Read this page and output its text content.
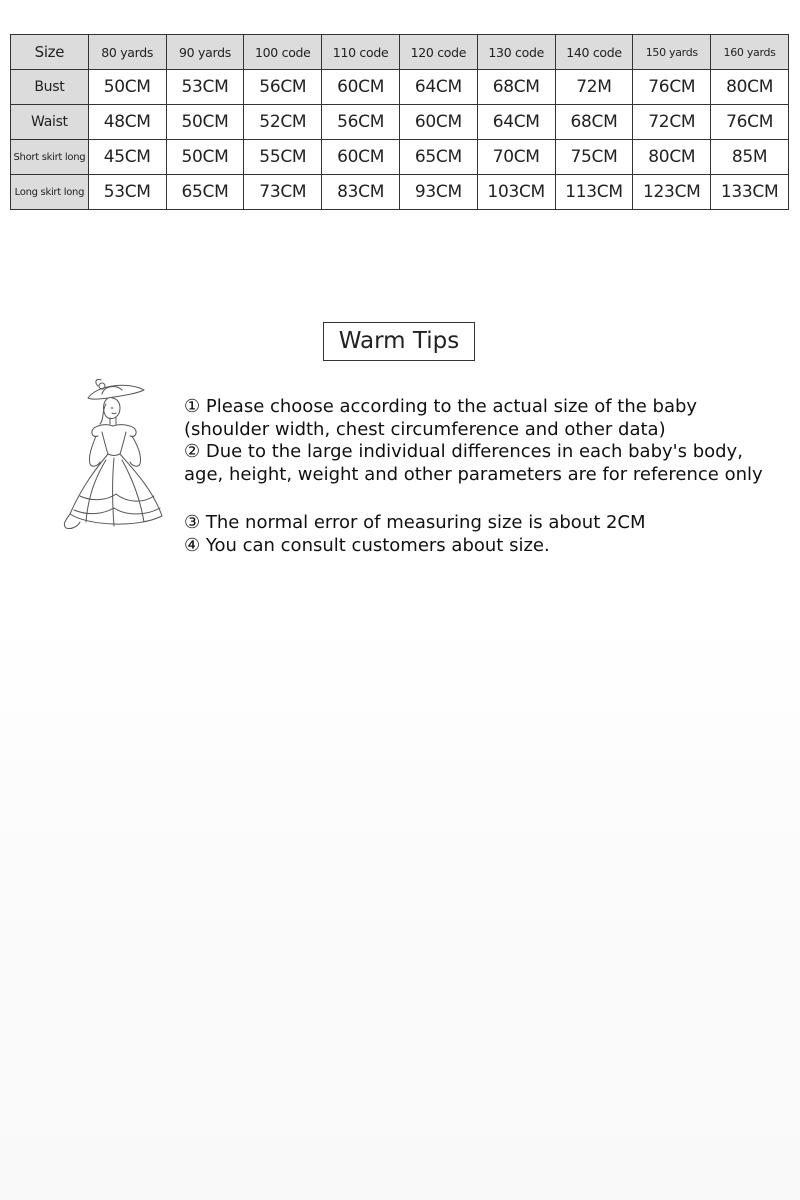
Size	80 yards	90 yards	100 code	110 code	120 code	130 code	140 code	150 yards	160 yards
Bust	50CM	53CM	56CM	60CM	64CM	68CM	72M	76CM	80CM
Waist	48CM	50CM	52CM	56CM	60CM	64CM	68CM	72CM	76CM
Short skirt long	45CM	50CM	55CM	60CM	65CM	70CM	75CM	80CM	85M
Long skirt long	53CM	65CM	73CM	83CM	93CM	103CM	113CM	123CM	133CM
Warm Tips

① Please choose according to the actual size of the baby (shoulder width, chest circumference and other data)

② Due to the large individual differences in each baby's body, age, height, weight and other parameters are for reference only

③ The normal error of measuring size is about 2CM

④ You can consult customers about size.
